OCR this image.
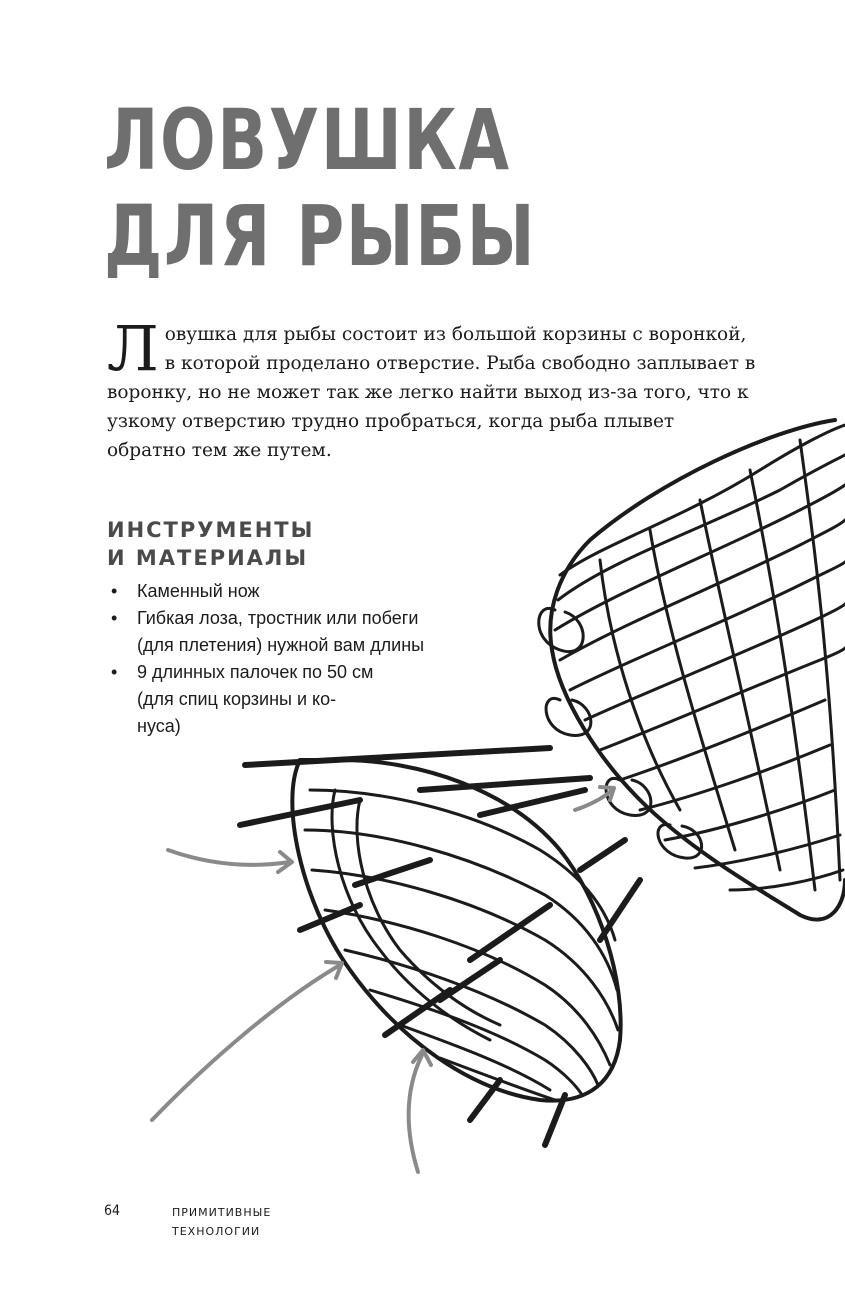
ЛОВУШКА
ДЛЯ РЫБЫ

Ловушка для рыбы состоит из большой корзины с воронкой, в которой проделано отверстие. Рыба свободно заплывает в воронку, но не может так же легко найти выход из-за того, что к узкому отверстию трудно пробраться, когда рыба плывет обратно тем же путем.

ИНСТРУМЕНТЫ
И МАТЕРИАЛЫ
• Каменный нож
• Гибкая лоза, тростник или побеги
(для плетения) нужной вам длины
• 9 длинных палочек по 50 см
(для спиц корзины и ко-
нуса)
64	ПРИМИТИВНЫЕ
ТЕХНОЛОГИИ
